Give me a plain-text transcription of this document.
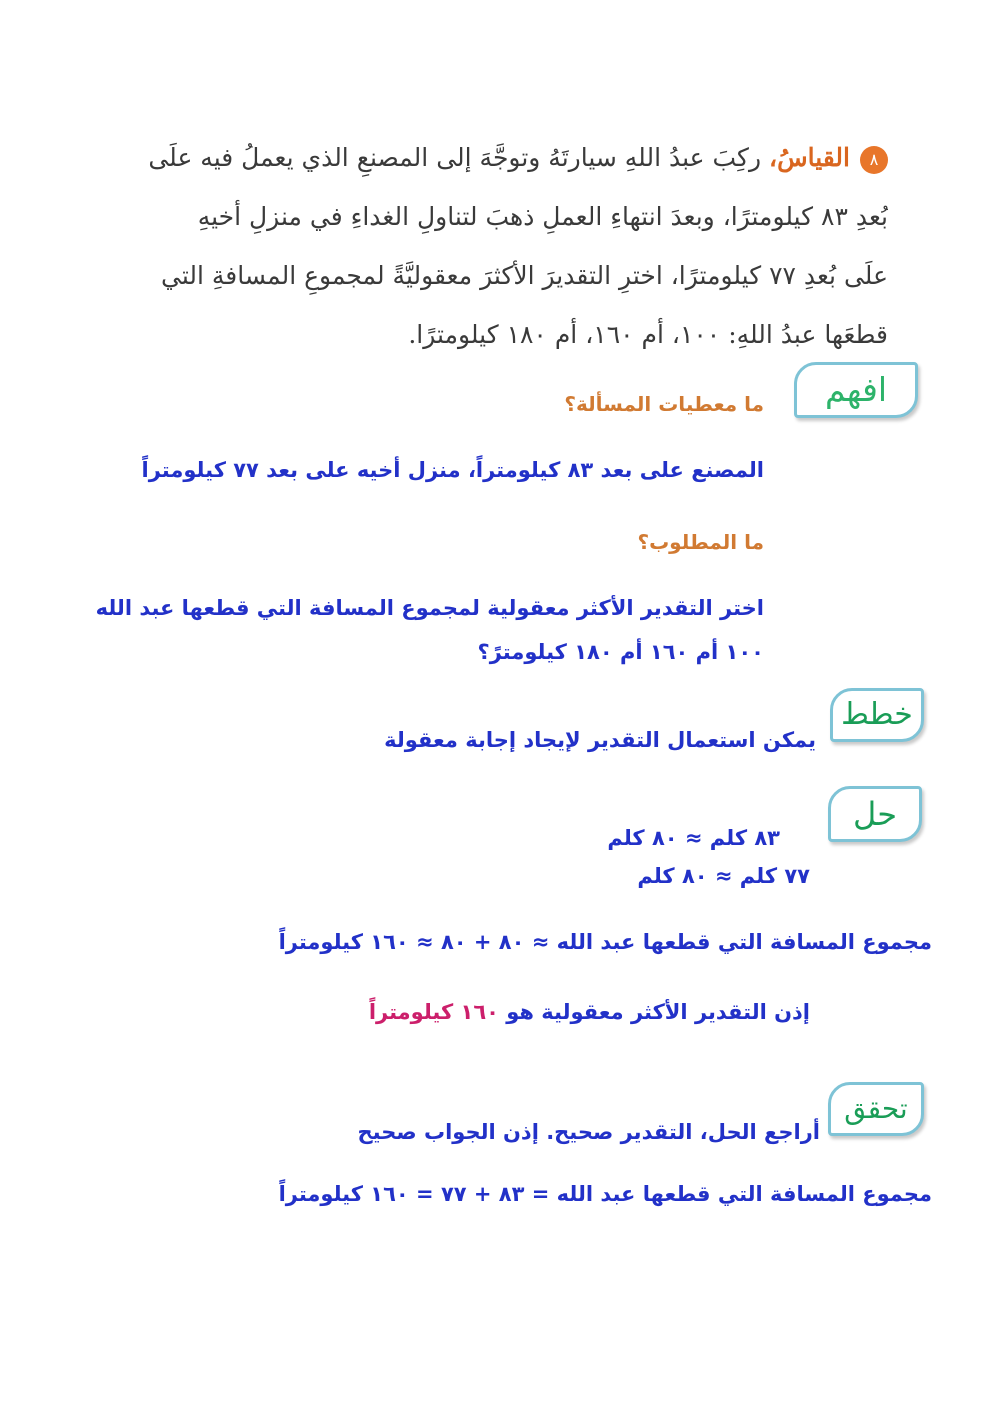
٨القياسُ،ركِبَ عبدُ اللهِ سيارتَهُ وتوجَّهَ إلى المصنعِ الذي يعملُ فيه علَى
بُعدِ ٨٣ كيلومترًا، وبعدَ انتهاءِ العملِ ذهبَ لتناولِ الغداءِ في منزلِ أخيهِ
علَى بُعدِ ٧٧ كيلومترًا، اخترِ التقديرَ الأكثرَ معقوليَّةً لمجموعِ المسافةِ التي
قطعَها عبدُ اللهِ: ١٠٠، أم ١٦٠، أم ١٨٠ كيلومترًا.
افهم
ما معطيات المسألة؟
المصنع على بعد ٨٣ كيلومتراً، منزل أخيه على بعد ٧٧ كيلومتراً
ما المطلوب؟
اختر التقدير الأكثر معقولية لمجموع المسافة التي قطعها عبد الله
١٠٠ أم ١٦٠ أم ١٨٠ كيلومترً؟
خطط
يمكن استعمال التقدير لإيجاد إجابة معقولة
حل
٨٣ كلم ≈ ٨٠ كلم
٧٧ كلم ≈ ٨٠ كلم
مجموع المسافة التي قطعها عبد الله ≈ ٨٠ + ٨٠ ≈ ١٦٠ كيلومتراً
إذن التقدير الأكثر معقولية هو ١٦٠ كيلومتراً
تحقق
أراجع الحل، التقدير صحيح. إذن الجواب صحيح
مجموع المسافة التي قطعها عبد الله = ٨٣ + ٧٧ = ١٦٠ كيلومتراً
